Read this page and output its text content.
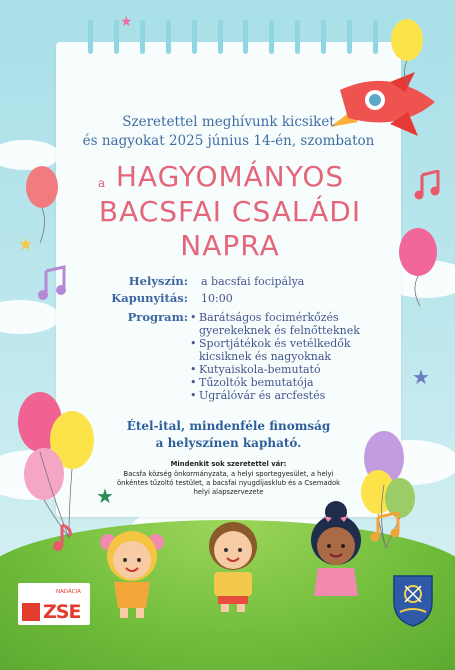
★
★
★
★
Szeretettel meghívunk kicsiket
és nagyokat 2025 június 14-én, szombaton
a HAGYOMÁNYOS
BACSFAI CSALÁDI
NAPRA
Helyszín: a bacsfai focipálya
Kapunyitás: 10:00
Program:
•	Barátságos focimérkőzés gyerekeknek és felnőtteknek
• Sportjátékok és vetélkedők kicsiknek és nagyoknak
• Kutyaiskola-bemutató
• Tűzoltók bemutatója
• Ugrálóvár és arcfestés
Étel-ital, mindenféle finomság
a helyszínen kapható.
Mindenkit sok szeretettel vár:
Bacsfa község önkormányzata, a helyi sportegyesület, a helyi
önkéntes tűzoltó testület, a bacsfai nyugdíjasklub és a Csemadok
helyi alapszervezete
NADÁCIA
ZSE
